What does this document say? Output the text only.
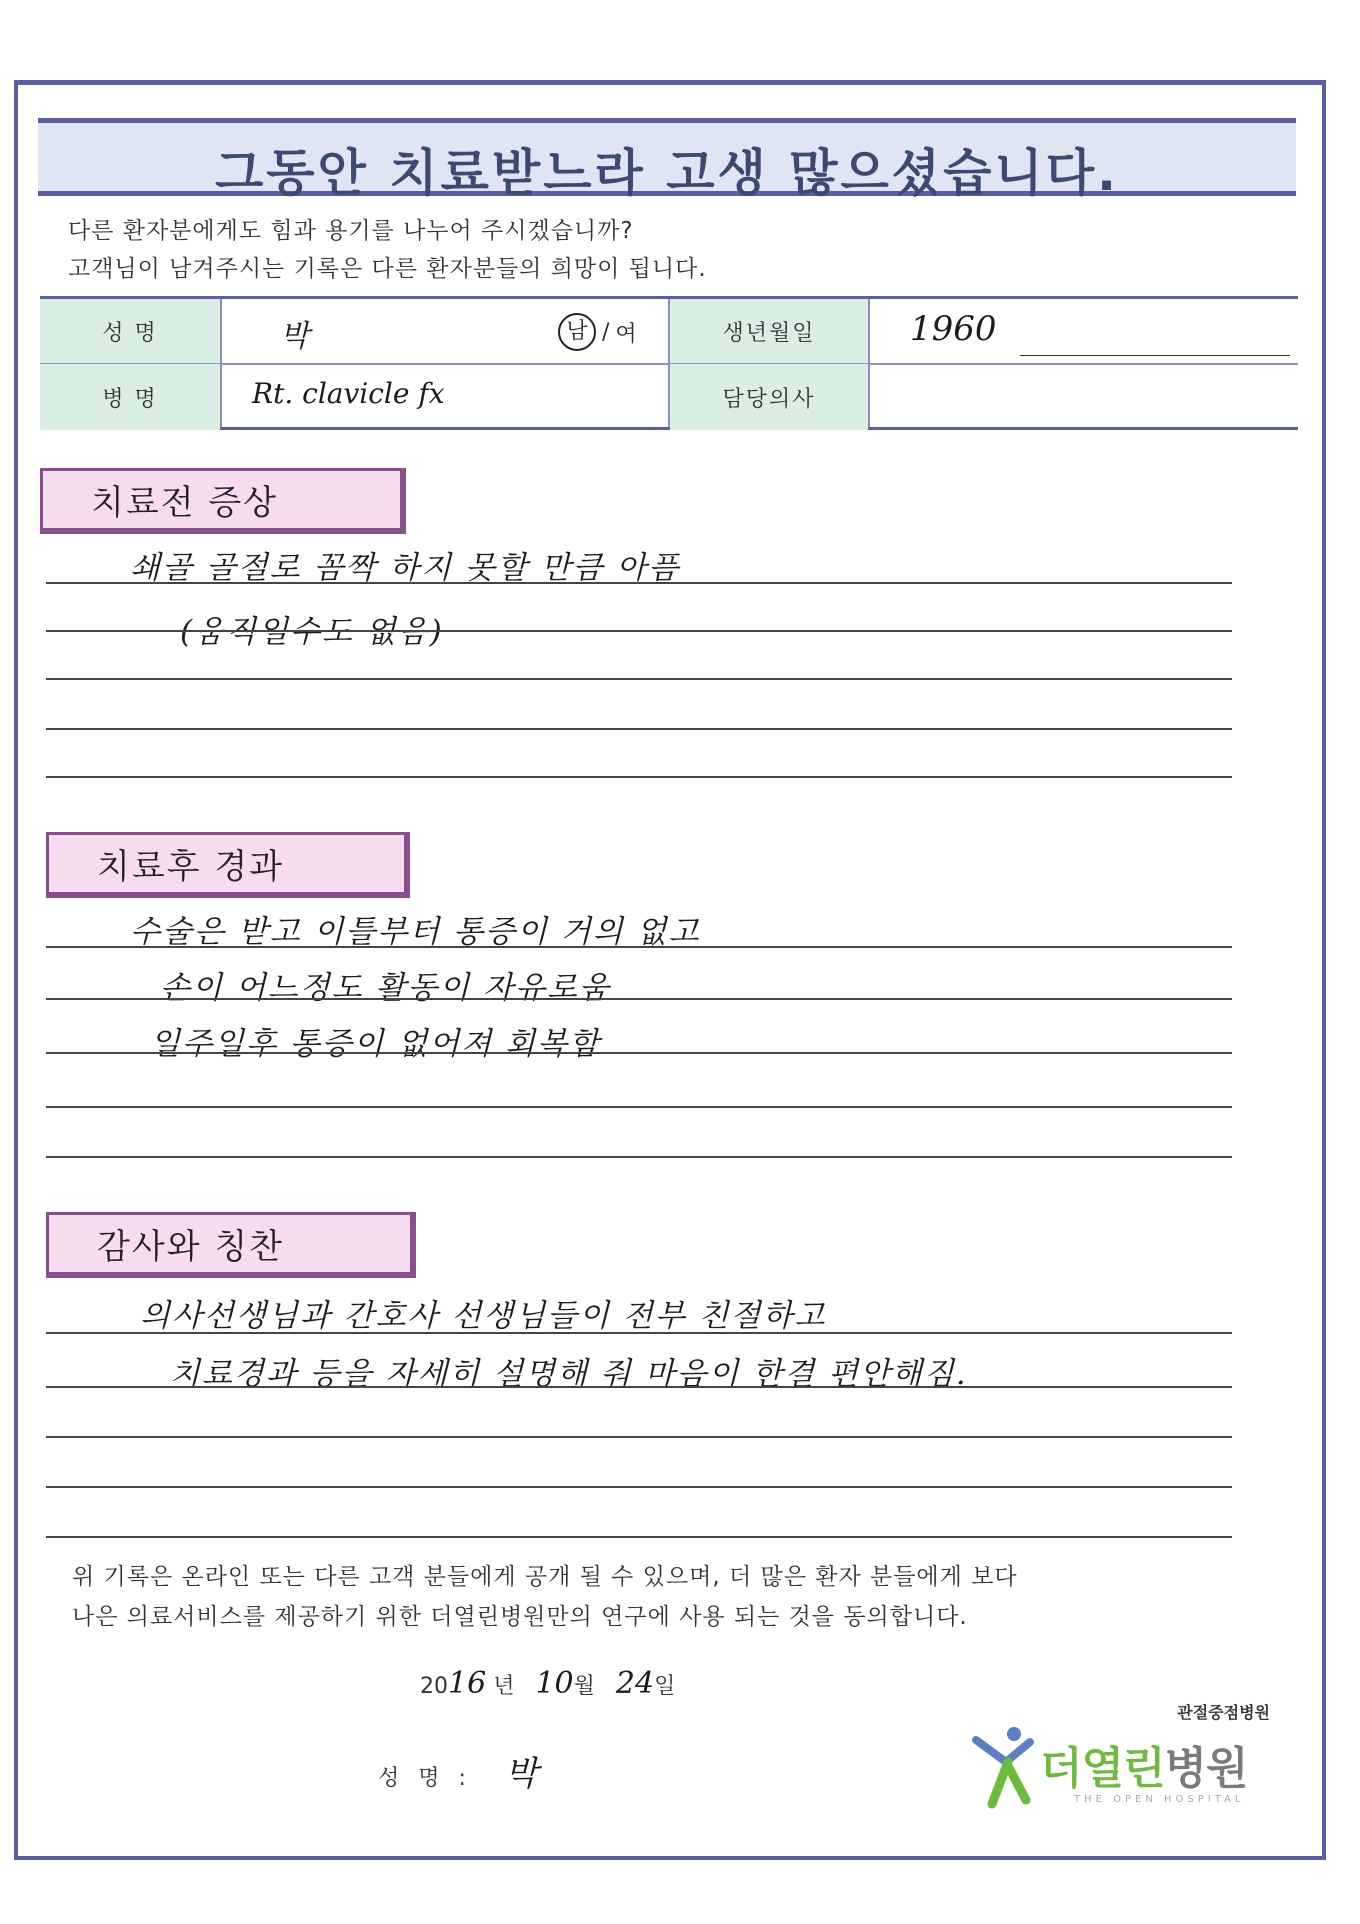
그동안 치료받느라 고생 많으셨습니다.
다른 환자분에게도 힘과 용기를 나누어 주시겠습니까?
고객님이 남겨주시는 기록은 다른 환자분들의 희망이 됩니다.
성 명
병 명
박	남 / 여
Rt. clavicle fx
생년월일
담당의사
1960
치료전 증상
쇄골 골절로 꼼짝 하지 못할 만큼 아픔
(움직일수도 없음)
치료후 경과
수술은 받고 이틀부터 통증이 거의 없고
손이 어느정도 활동이 자유로움
일주일후 통증이 없어져 회복함
감사와 칭찬
의사선생님과 간호사 선생님들이 전부 친절하고
치료경과 등을 자세히 설명해 줘 마음이 한결 편안해짐.
위 기록은 온라인 또는 다른 고객 분들에게 공개 될 수 있으며, 더 많은 환자 분들에게 보다
나은 의료서비스를 제공하기 위한 더열린병원만의 연구에 사용 되는 것을 동의합니다.
2016 년 10월 24일
성 명 : 박
관절중점병원
더열린병원
THE OPEN HOSPITAL
